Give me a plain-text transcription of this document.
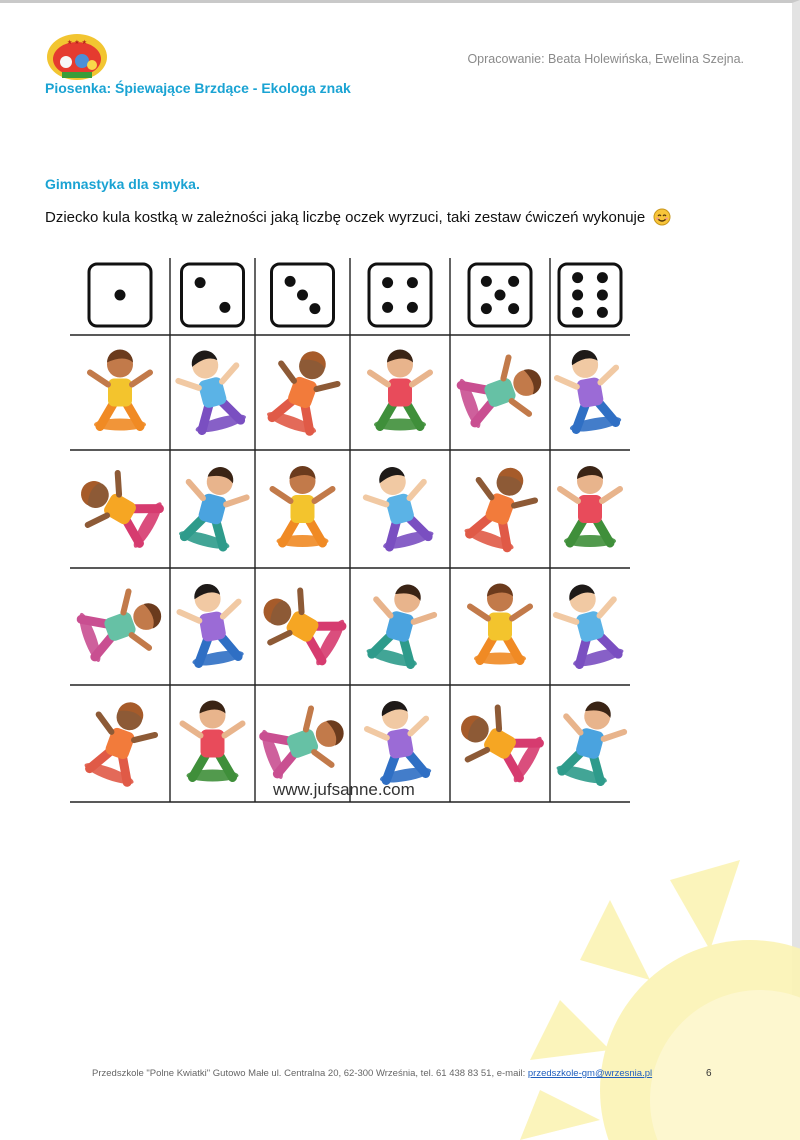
★ ★ ★
Opracowanie: Beata Holewińska, Ewelina Szejna.
Piosenka: Śpiewające Brzdące - Ekologa znak
Gimnastyka dla smyka.
Dziecko kula kostką w zależności jaką liczbę oczek wyrzuci, taki zestaw ćwiczeń wykonuje
www.jufsanne.com
Przedszkole "Polne Kwiatki" Gutowo Małe ul. Centralna 20, 62-300 Września, tel. 61 438 83 51, e-mail: przedszkole-gm@wrzesnia.pl	6
